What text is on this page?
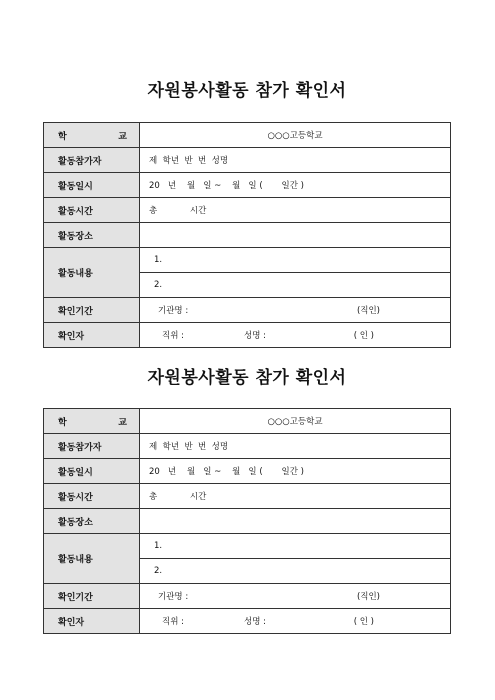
자원봉사활동 참가 확인서
학 교	○○○고등학교

활동참가자	제  학년  반  번  성명

활동일시	20   년    월   일 ~    월   일 (       일간 )

활동시간	총 시간

활동장소	

활동내용	1.
	2.

확인기간	기관명 : (직인)

확인자	직위 : 성명 : ( 인 )
자원봉사활동 참가 확인서
학 교	○○○고등학교

활동참가자	제  학년  반  번  성명

활동일시	20   년    월   일 ~    월   일 (       일간 )

활동시간	총 시간

활동장소	

활동내용	1.
	2.

확인기간	기관명 : (직인)

확인자	직위 : 성명 : ( 인 )
